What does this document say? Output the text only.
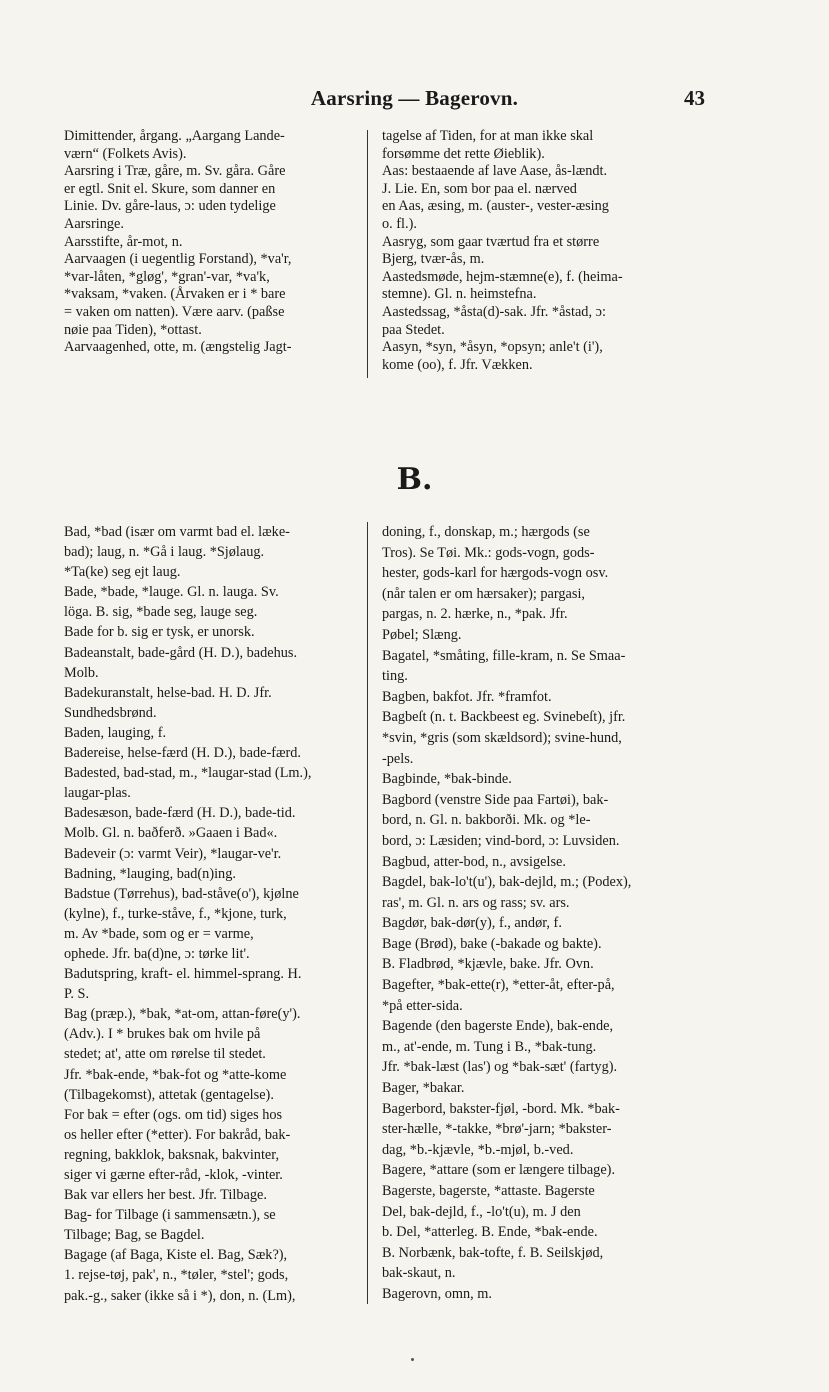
Aarsring — Bagerovn.	43
Dimittender, årgang. „Aargang Lande-
værn“ (Folkets Avis).
Aarsring i Træ, gåre, m. Sv. gåra. Gåre
er egtl. Snit el. Skure, som danner en
Linie. Dv. gåre-laus, ɔ: uden tydelige
Aarsringe.
Aarsstifte, år-mot, n.
Aarvaagen (i uegentlig Forstand), *va'r,
*var-låten, *gløg', *gran'-var, *va'k,
*vaksam, *vaken. (Årvaken er i * bare
= vaken om natten). Være aarv. (paßse
nøie paa Tiden), *ottast.
Aarvaagenhed, otte, m. (ængstelig Jagt-
tagelse af Tiden, for at man ikke skal
forsømme det rette Øieblik).
Aas: bestaaende af lave Aase, ås-lændt.
J. Lie. En, som bor paa el. nærved
en Aas, æsing, m. (auster-, vester-æsing
o. fl.).
Aasryg, som gaar tværtud fra et større
Bjerg, tvær-ås, m.
Aastedsmøde, hejm-stæmne(e), f. (heima-
stemne). Gl. n. heimstefna.
Aastedssag, *åsta(d)-sak. Jfr. *åstad, ɔ:
paa Stedet.
Aasyn, *syn, *åsyn, *opsyn; anle't (i'),
kome (oo), f. Jfr. Vækken.
B.
Bad, *bad (især om varmt bad el. læke-
bad); laug, n. *Gå i laug. *Sjølaug.
*Ta(ke) seg ejt laug.
Bade, *bade, *lauge. Gl. n. lauga. Sv.
löga. B. sig, *bade seg, lauge seg.
Bade for b. sig er tysk, er unorsk.
Badeanstalt, bade-gård (H. D.), badehus.
Molb.
Badekuranstalt, helse-bad. H. D. Jfr.
Sundhedsbrønd.
Baden, lauging, f.
Badereise, helse-færd (H. D.), bade-færd.
Badested, bad-stad, m., *laugar-stad (Lm.),
laugar-plas.
Badesæson, bade-færd (H. D.), bade-tid.
Molb. Gl. n. baðferð. »Gaaen i Bad«.
Badeveir (ɔ: varmt Veir), *laugar-ve'r.
Badning, *lauging, bad(n)ing.
Badstue (Tørrehus), bad-ståve(o'), kjølne
(kylne), f., turke-ståve, f., *kjone, turk,
m. Av *bade, som og er = varme,
ophede. Jfr. ba(d)ne, ɔ: tørke lit'.
Badutspring, kraft- el. himmel-sprang. H.
P. S.
Bag (præp.), *bak, *at-om, attan-føre(y').
(Adv.). I * brukes bak om hvile på
stedet; at', atte om rørelse til stedet.
Jfr. *bak-ende, *bak-fot og *atte-kome
(Tilbagekomst), attetak (gentagelse).
For bak = efter (ogs. om tid) siges hos
os heller efter (*etter). For bakråd, bak-
regning, bakklok, baksnak, bakvinter,
siger vi gærne efter-råd, -klok, -vinter.
Bak var ellers her best. Jfr. Tilbage.
Bag- for Tilbage (i sammensætn.), se
Tilbage; Bag, se Bagdel.
Bagage (af Baga, Kiste el. Bag, Sæk?),
1. rejse-tøj, pak', n., *tøler, *stel'; gods,
pak.-g., saker (ikke så i *), don, n. (Lm),
doning, f., donskap, m.; hærgods (se
Tros). Se Tøi. Mk.: gods-vogn, gods-
hester, gods-karl for hærgods-vogn osv.
(når talen er om hærsaker); pargasi,
pargas, n. 2. hærke, n., *pak. Jfr.
Pøbel; Slæng.
Bagatel, *småting, fille-kram, n. Se Smaa-
ting.
Bagben, bakfot. Jfr. *framfot.
Bagbeſt (n. t. Backbeest eg. Svinebeſt), jfr.
*svin, *gris (som skældsord); svine-hund,
-pels.
Bagbinde, *bak-binde.
Bagbord (venstre Side paa Fartøi), bak-
bord, n. Gl. n. bakborði. Mk. og *le-
bord, ɔ: Læsiden; vind-bord, ɔ: Luvsiden.
Bagbud, atter-bod, n., avsigelse.
Bagdel, bak-lo't(u'), bak-dejld, m.; (Podex),
ras', m. Gl. n. ars og rass; sv. ars.
Bagdør, bak-dør(y), f., andør, f.
Bage (Brød), bake (-bakade og bakte).
B. Fladbrød, *kjævle, bake. Jfr. Ovn.
Bagefter, *bak-ette(r), *etter-åt, efter-på,
*på etter-sida.
Bagende (den bagerste Ende), bak-ende,
m., at'-ende, m. Tung i B., *bak-tung.
Jfr. *bak-læst (las') og *bak-sæt' (fartyg).
Bager, *bakar.
Bagerbord, bakster-fjøl, -bord. Mk. *bak-
ster-hælle, *-takke, *brø'-jarn; *bakster-
dag, *b.-kjævle, *b.-mjøl, b.-ved.
Bagere, *attare (som er længere tilbage).
Bagerste, bagerste, *attaste. Bagerste
Del, bak-dejld, f., -lo't(u), m. J den
b. Del, *atterleg. B. Ende, *bak-ende.
B. Norbænk, bak-tofte, f. B. Seilskjød,
bak-skaut, n.
Bagerovn, omn, m.
